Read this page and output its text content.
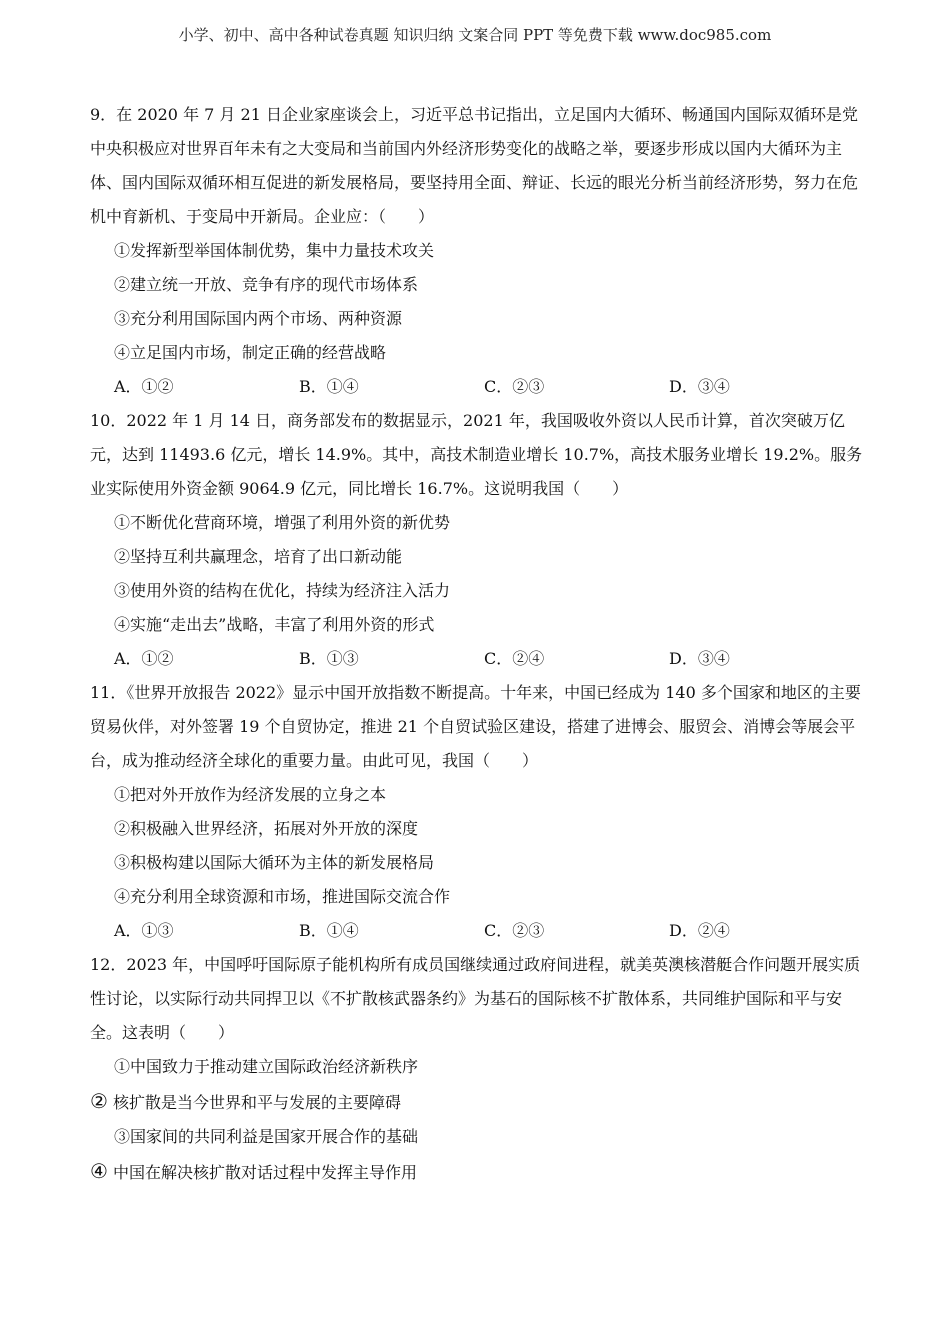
小学、初中、高中各种试卷真题 知识归纳 文案合同 PPT 等免费下载 www.doc985.com

9．在 2020 年 7 月 21 日企业家座谈会上，习近平总书记指出，立足国内大循环、畅通国内国际双循环是党中央积极应对世界百年未有之大变局和当前国内外经济形势变化的战略之举，要逐步形成以国内大循环为主体、国内国际双循环相互促进的新发展格局，要坚持用全面、辩证、长远的眼光分析当前经济形势，努力在危机中育新机、于变局中开新局。企业应：（　　）

①发挥新型举国体制优势，集中力量技术攻关

②建立统一开放、竞争有序的现代市场体系

③充分利用国际国内两个市场、两种资源

④立足国内市场，制定正确的经营战略

A．①②	B．①④	C．②③	D．③④

10．2022 年 1 月 14 日，商务部发布的数据显示，2021 年，我国吸收外资以人民币计算，首次突破万亿元，达到 11493.6 亿元，增长 14.9%。其中，高技术制造业增长 10.7%，高技术服务业增长 19.2%。服务业实际使用外资金额 9064.9 亿元，同比增长 16.7%。这说明我国（　　）

①不断优化营商环境，增强了利用外资的新优势

②坚持互利共赢理念，培育了出口新动能

③使用外资的结构在优化，持续为经济注入活力

④实施“走出去”战略，丰富了利用外资的形式

A．①②	B．①③	C．②④	D．③④

11．《世界开放报告 2022》显示中国开放指数不断提高。十年来，中国已经成为 140 多个国家和地区的主要贸易伙伴，对外签署 19 个自贸协定，推进 21 个自贸试验区建设，搭建了进博会、服贸会、消博会等展会平台，成为推动经济全球化的重要力量。由此可见，我国（　　）

①把对外开放作为经济发展的立身之本

②积极融入世界经济，拓展对外开放的深度

③积极构建以国际大循环为主体的新发展格局

④充分利用全球资源和市场，推进国际交流合作

A．①③	B．①④	C．②③	D．②④

12．2023 年，中国呼吁国际原子能机构所有成员国继续通过政府间进程，就美英澳核潜艇合作问题开展实质性讨论，以实际行动共同捍卫以《不扩散核武器条约》为基石的国际核不扩散体系，共同维护国际和平与安全。这表明（　　）

①中国致力于推动建立国际政治经济新秩序

② 核扩散是当今世界和平与发展的主要障碍

③国家间的共同利益是国家开展合作的基础

④ 中国在解决核扩散对话过程中发挥主导作用
